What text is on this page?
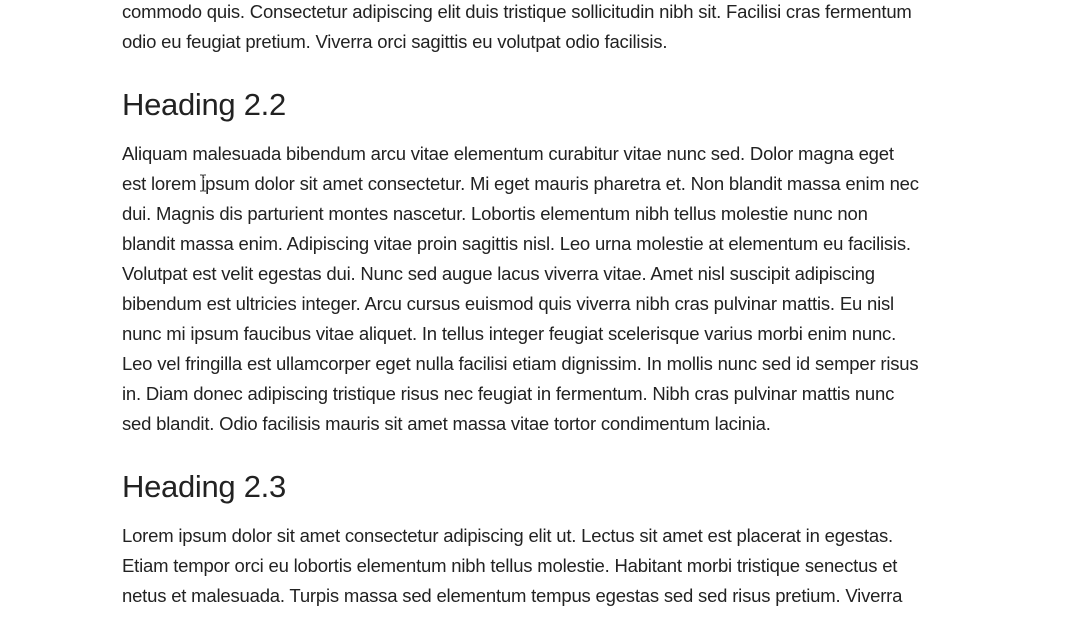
commodo quis. Consectetur adipiscing elit duis tristique sollicitudin nibh sit. Facilisi cras fermentum odio eu feugiat pretium. Viverra orci sagittis eu volutpat odio facilisis.

Heading 2.2

Aliquam malesuada bibendum arcu vitae elementum curabitur vitae nunc sed. Dolor magna eget est lorem ipsum dolor sit amet consectetur. Mi eget mauris pharetra et. Non blandit massa enim nec dui. Magnis dis parturient montes nascetur. Lobortis elementum nibh tellus molestie nunc non blandit massa enim. Adipiscing vitae proin sagittis nisl. Leo urna molestie at elementum eu facilisis. Volutpat est velit egestas dui. Nunc sed augue lacus viverra vitae. Amet nisl suscipit adipiscing bibendum est ultricies integer. Arcu cursus euismod quis viverra nibh cras pulvinar mattis. Eu nisl nunc mi ipsum faucibus vitae aliquet. In tellus integer feugiat scelerisque varius morbi enim nunc. Leo vel fringilla est ullamcorper eget nulla facilisi etiam dignissim. In mollis nunc sed id semper risus in. Diam donec adipiscing tristique risus nec feugiat in fermentum. Nibh cras pulvinar mattis nunc sed blandit. Odio facilisis mauris sit amet massa vitae tortor condimentum lacinia.

Heading 2.3

Lorem ipsum dolor sit amet consectetur adipiscing elit ut. Lectus sit amet est placerat in egestas. Etiam tempor orci eu lobortis elementum nibh tellus molestie. Habitant morbi tristique senectus et netus et malesuada. Turpis massa sed elementum tempus egestas sed sed risus pretium. Viverra
